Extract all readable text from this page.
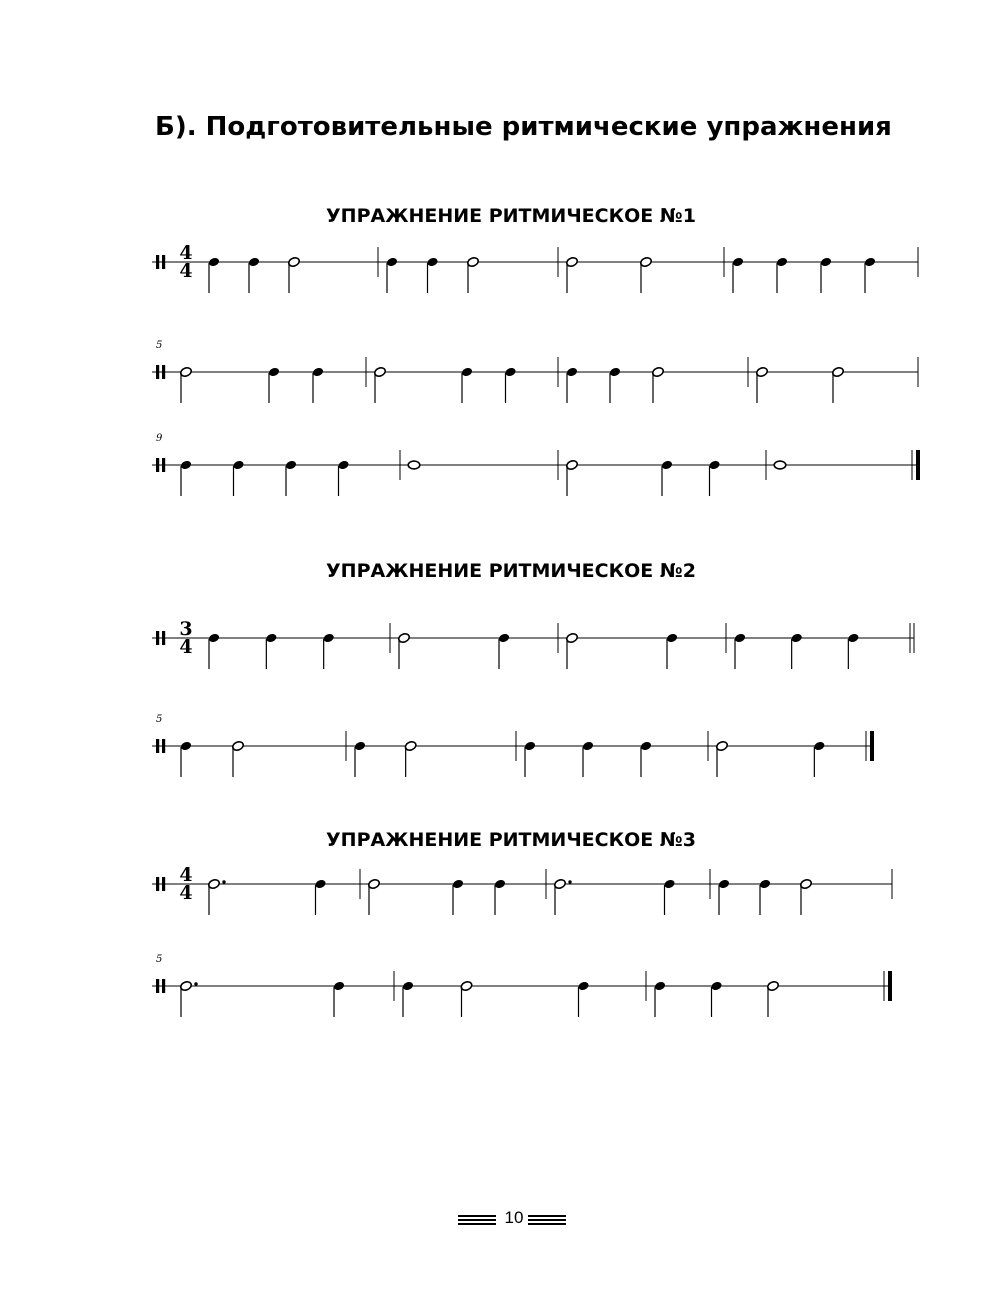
Б). Подготовительные ритмические упражнения
УПРАЖНЕНИЕ РИТМИЧЕСКОЕ №1
УПРАЖНЕНИЕ РИТМИЧЕСКОЕ №2
УПРАЖНЕНИЕ РИТМИЧЕСКОЕ №3
4
4
5
9
3
4
5
4
4
5
10
